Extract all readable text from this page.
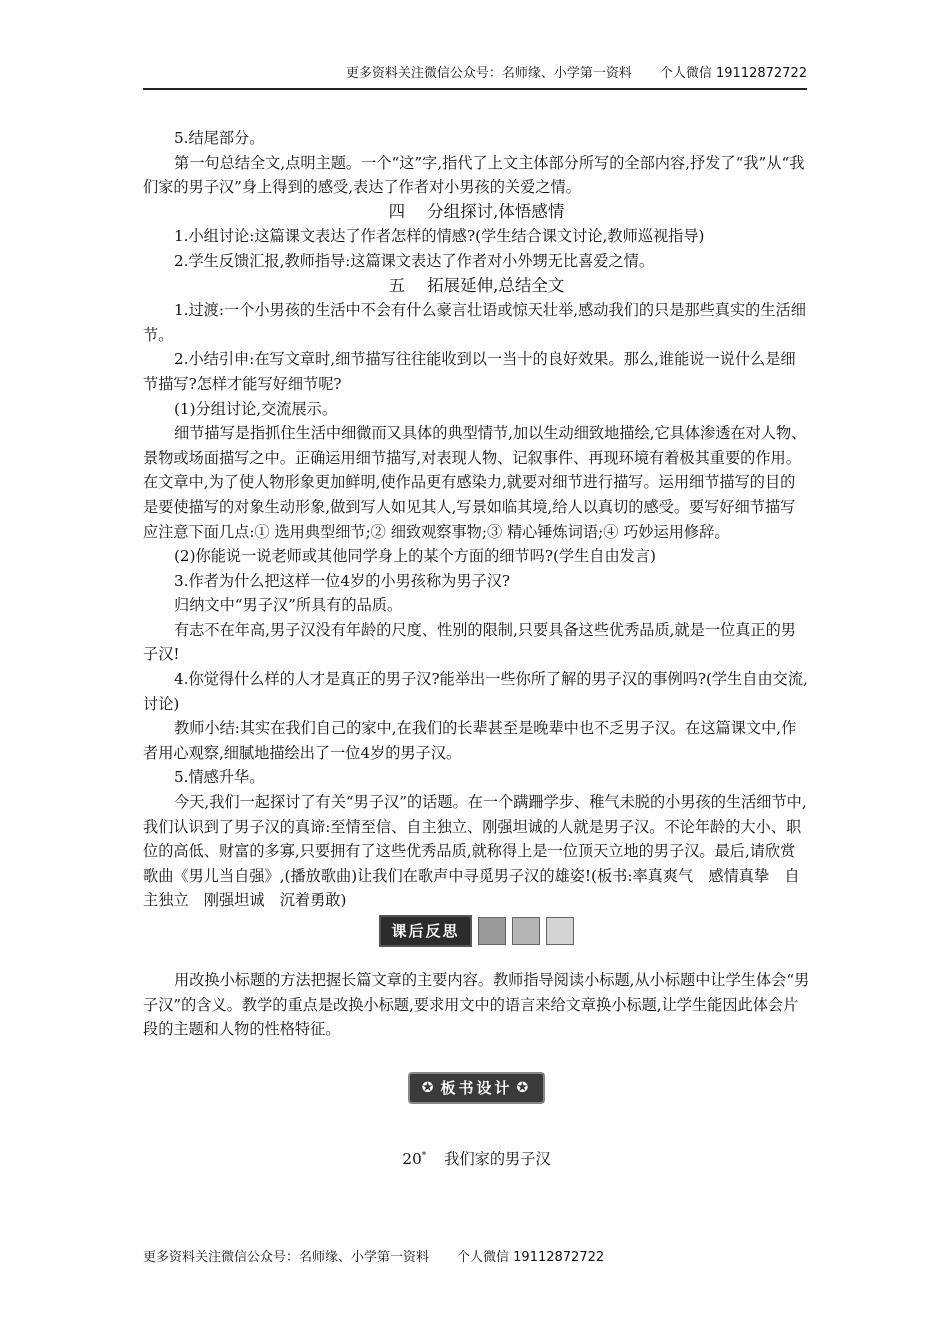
更多资料关注微信公众号：名师缘、小学第一资料 个人微信 19112872722

5.结尾部分。

第一句总结全文,点明主题。一个“这”字,指代了上文主体部分所写的全部内容,抒发了“我”从“我们家的男子汉”身上得到的感受,表达了作者对小男孩的关爱之情。

四 分组探讨,体悟感情

1.小组讨论:这篇课文表达了作者怎样的情感?(学生结合课文讨论,教师巡视指导)

2.学生反馈汇报,教师指导:这篇课文表达了作者对小外甥无比喜爱之情。

五 拓展延伸,总结全文

1.过渡:一个小男孩的生活中不会有什么豪言壮语或惊天壮举,感动我们的只是那些真实的生活细节。

2.小结引申:在写文章时,细节描写往往能收到以一当十的良好效果。那么,谁能说一说什么是细节描写?怎样才能写好细节呢?

(1)分组讨论,交流展示。

细节描写是指抓住生活中细微而又具体的典型情节,加以生动细致地描绘,它具体渗透在对人物、景物或场面描写之中。正确运用细节描写,对表现人物、记叙事件、再现环境有着极其重要的作用。在文章中,为了使人物形象更加鲜明,使作品更有感染力,就要对细节进行描写。运用细节描写的目的是要使描写的对象生动形象,做到写人如见其人,写景如临其境,给人以真切的感受。要写好细节描写应注意下面几点:① 选用典型细节;② 细致观察事物;③ 精心锤炼词语;④ 巧妙运用修辞。

(2)你能说一说老师或其他同学身上的某个方面的细节吗?(学生自由发言)

3.作者为什么把这样一位4岁的小男孩称为男子汉?

归纳文中“男子汉”所具有的品质。

有志不在年高,男子汉没有年龄的尺度、性别的限制,只要具备这些优秀品质,就是一位真正的男子汉!

4.你觉得什么样的人才是真正的男子汉?能举出一些你所了解的男子汉的事例吗?(学生自由交流,讨论)

教师小结:其实在我们自己的家中,在我们的长辈甚至是晚辈中也不乏男子汉。在这篇课文中,作者用心观察,细腻地描绘出了一位4岁的男子汉。

5.情感升华。

今天,我们一起探讨了有关“男子汉”的话题。在一个蹒跚学步、稚气未脱的小男孩的生活细节中,我们认识到了男子汉的真谛:至情至信、自主独立、刚强坦诚的人就是男子汉。不论年龄的大小、职位的高低、财富的多寡,只要拥有了这些优秀品质,就称得上是一位顶天立地的男子汉。最后,请欣赏歌曲《男儿当自强》,(播放歌曲)让我们在歌声中寻觅男子汉的雄姿!(板书:率真爽气　感情真挚　自主独立　刚强坦诚　沉着勇敢)

课后反思

用改换小标题的方法把握长篇文章的主要内容。教师指导阅读小标题,从小标题中让学生体会“男子汉”的含义。教学的重点是改换小标题,要求用文中的语言来给文章换小标题,让学生能因此体会片段的主题和人物的性格特征。

✪ 板书设计 ✪
20* 我们家的男子汉
更多资料关注微信公众号：名师缘、小学第一资料 个人微信 19112872722
